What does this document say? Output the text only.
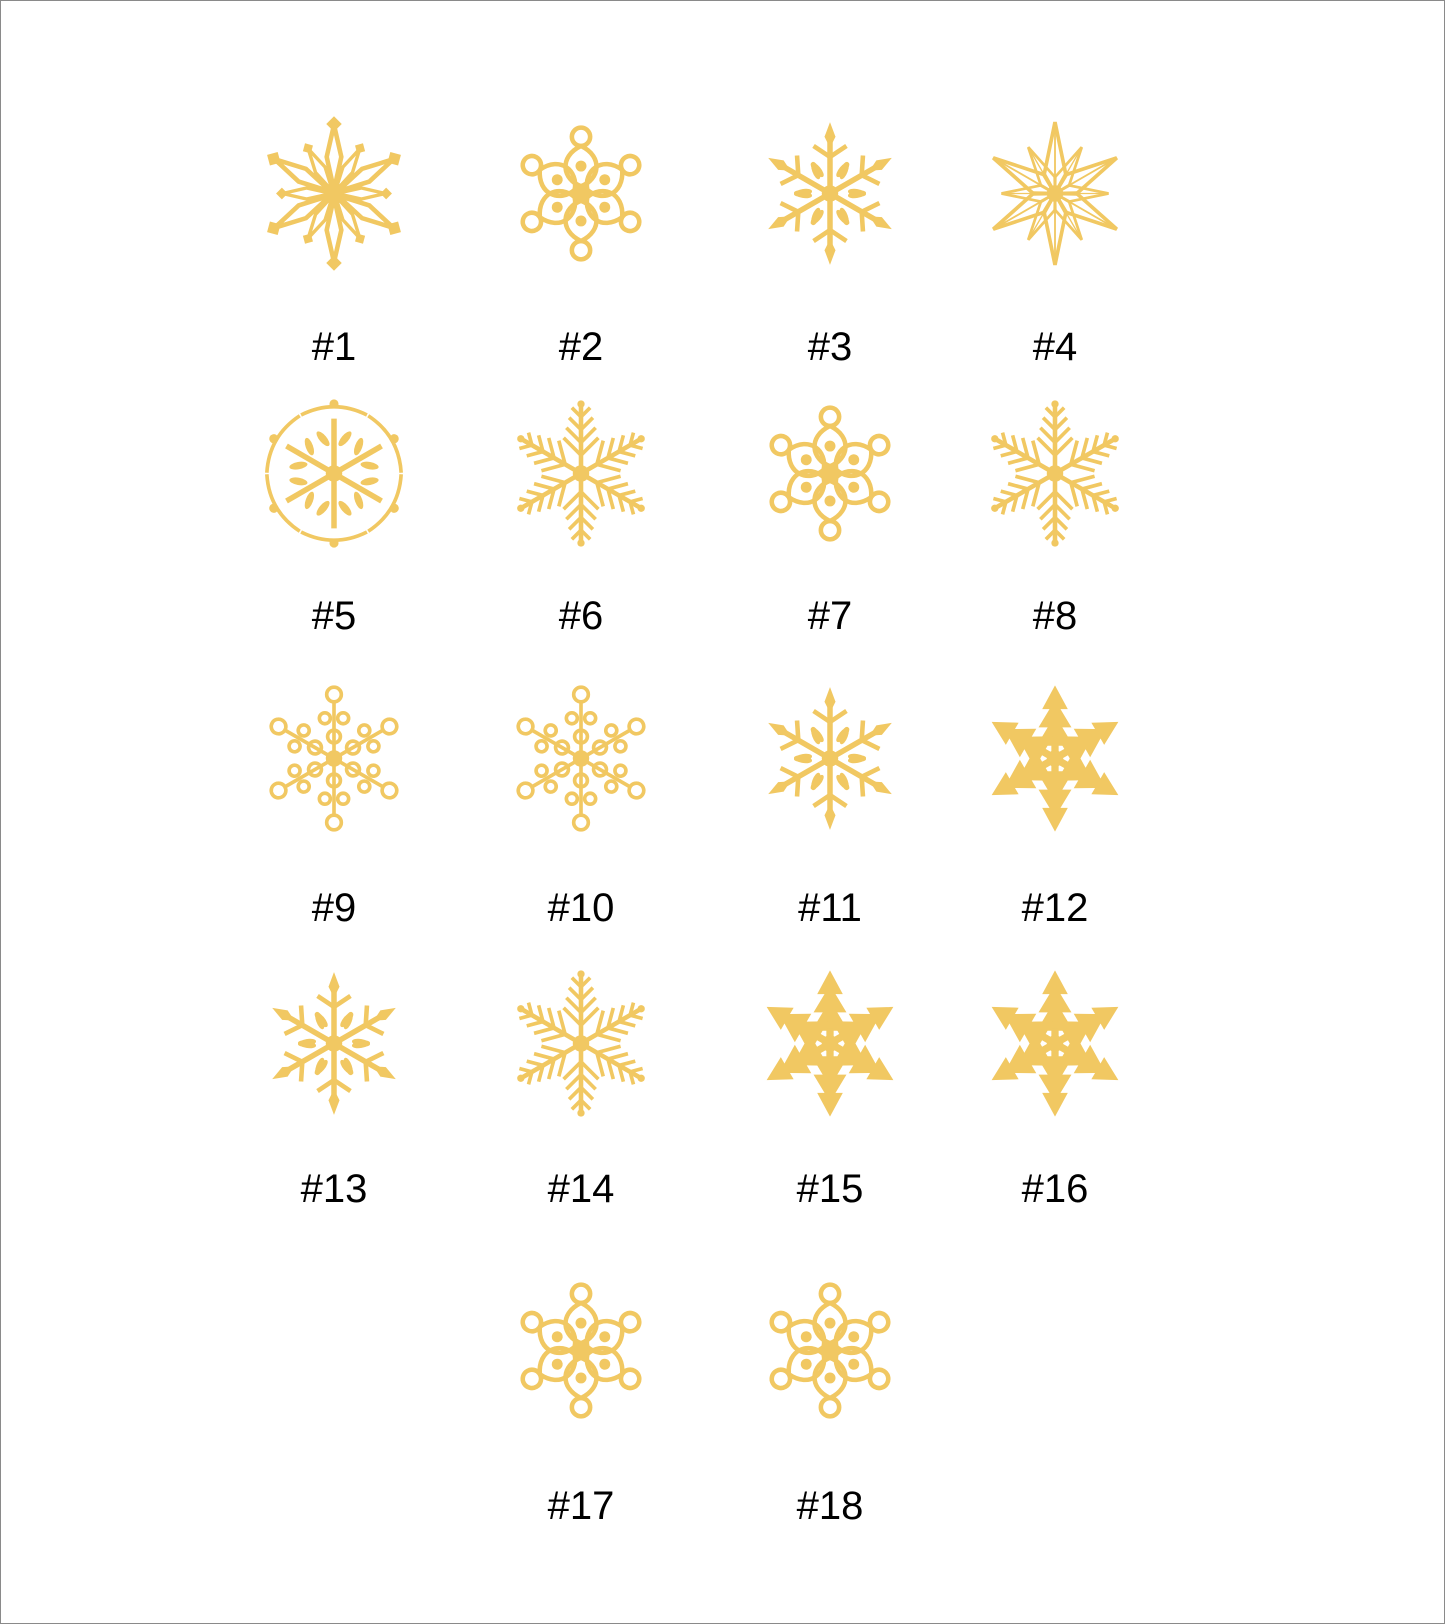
#1	#2	#3	#4
#5	#6	#7	#8
#9	#10	#11	#12
#13	#14	#15	#16
#17	#18
